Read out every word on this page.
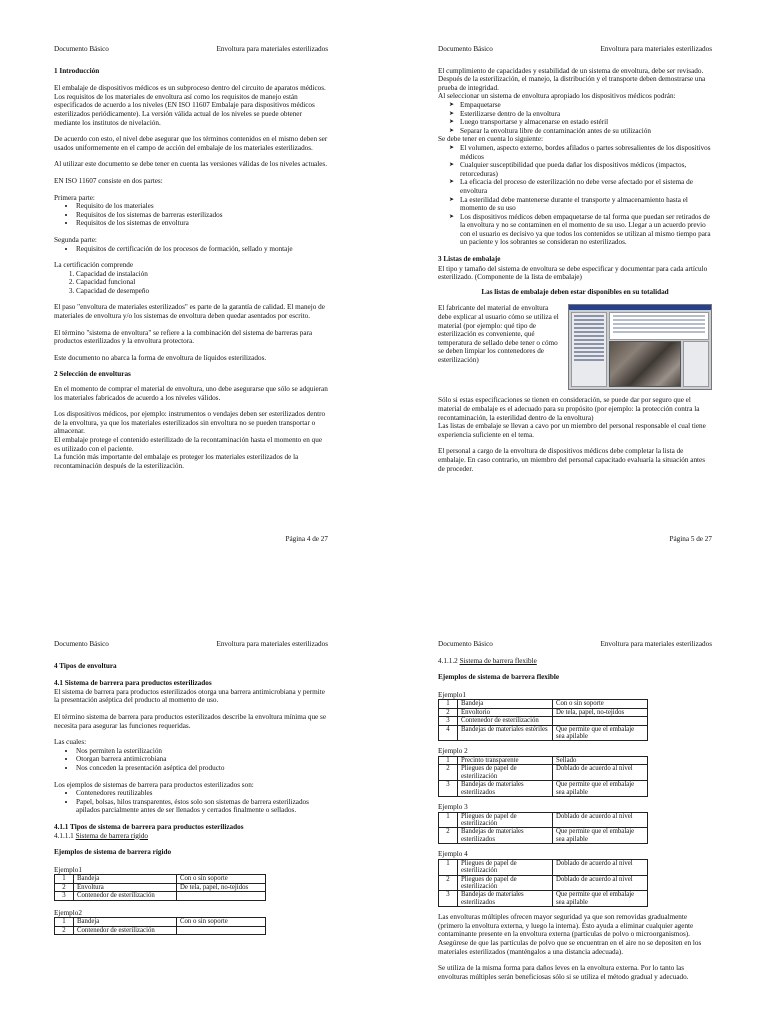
Documento Básico	Envoltura para materiales esterilizados
1 Introducción

El embalaje de dispositivos médicos es un subproceso dentro del circuito de aparatos médicos. Los requisitos de los materiales de envoltura así como los requisitos de manejo están especificados de acuerdo a los niveles (EN ISO 11607 Embalaje para dispositivos médicos esterilizados periódicamente). La versión válida actual de los niveles se puede obtener mediante los institutos de nivelación.

De acuerdo con esto, el nivel debe asegurar que los términos contenidos en el mismo deben ser usados uniformemente en el campo de acción del embalaje de los materiales esterilizados.

Al utilizar este documento se debe tener en cuenta las versiones válidas de los niveles actuales.

EN ISO 11607 consiste en dos partes:

Primera parte:

• Requisito de los materiales
• Requisitos de los sistemas de barreras esterilizados
• Requisitos de los sistemas de envoltura

Segunda parte:

• Requisitos de certificación de los procesos de formación, sellado y montaje

La certificación comprende

1. Capacidad de instalación
2. Capacidad funcional
3. Capacidad de desempeño

El paso "envoltura de materiales esterilizados" es parte de la garantía de calidad. El manejo de materiales de envoltura y/o los sistemas de envoltura deben quedar asentados por escrito.

El término "sistema de envoltura" se refiere a la combinación del sistema de barreras para productos esterilizados y la envoltura protectora.

Este documento no abarca la forma de envoltura de líquidos esterilizados.

2 Selección de envolturas

En el momento de comprar el material de envoltura, uno debe asegurarse que sólo se adquieran los materiales fabricados de acuerdo a los niveles válidos.

Los dispositivos médicos, por ejemplo: instrumentos o vendajes deben ser esterilizados dentro de la envoltura, ya que los materiales esterilizados sin envoltura no se pueden transportar o almacenar.

El embalaje protege el contenido esterilizado de la recontaminación hasta el momento en que es utilizado con el paciente.

La función más importante del embalaje es proteger los materiales esterilizados de la recontaminación después de la esterilización.

Página 4 de 27
Documento Básico	Envoltura para materiales esterilizados

El cumplimiento de capacidades y estabilidad de un sistema de envoltura, debe ser revisado. Después de la esterilización, el manejo, la distribución y el transporte deben demostrarse una prueba de integridad.

Al seleccionar un sistema de envoltura apropiado los dispositivos médicos podrán:

➤ Empaquetarse
➤ Esterilizarse dentro de la envoltura
➤ Luego transportarse y almacenarse en estado estéril
➤ Separar la envoltura libre de contaminación antes de su utilización

Se debe tener en cuenta lo siguiente:

➤ El volumen, aspecto externo, bordes afilados o partes sobresalientes de los dispositivos médicos
➤ Cualquier susceptibilidad que pueda dañar los dispositivos médicos (impactos, retorceduras)
➤ La eficacia del proceso de esterilización no debe verse afectado por el sistema de envoltura
➤ La esterilidad debe mantenerse durante el transporte y almacenamiento hasta el momento de su uso
➤ Los dispositivos médicos deben empaquetarse de tal forma que puedan ser retirados de la envoltura y no se contaminen en el momento de su uso. Llegar a un acuerdo previo con el usuario es decisivo ya que todos los contenidos se utilizan al mismo tiempo para un paciente y los sobrantes se consideran no esterilizados.
3 Listas de embalaje

El tipo y tamaño del sistema de envoltura se debe especificar y documentar para cada artículo esterilizado. (Componente de la lista de embalaje)

Las listas de embalaje deben estar disponibles en su totalidad
El fabricante del material de envoltura debe explicar al usuario cómo se utiliza el material (por ejemplo: qué tipo de esterilización es conveniente, qué temperatura de sellado debe tener o cómo se deben limpiar los contenedores de esterilización)

Sólo si estas especificaciones se tienen en consideración, se puede dar por seguro que el material de embalaje es el adecuado para su propósito (por ejemplo: la protección contra la recontaminación, la esterilidad dentro de la envoltura)

Las listas de embalaje se llevan a cavo por un miembro del personal responsable el cual tiene experiencia suficiente en el tema.

El personal a cargo de la envoltura de dispositivos médicos debe completar la lista de embalaje. En caso contrario, un miembro del personal capacitado evaluaría la situación antes de proceder.

Página 5 de 27
Documento Básico	Envoltura para materiales esterilizados
4 Tipos de envoltura
4.1 Sistema de barrera para productos esterilizados

El sistema de barrera para productos esterilizados otorga una barrera antimicrobiana y permite la presentación aséptica del producto al momento de uso.

El término sistema de barrera para productos esterilizados describe la envoltura mínima que se necesita para asegurar las funciones requeridas.

Las cuales:

• Nos permiten la esterilización
• Otorgan barrera antimicrobiana
• Nos conceden la presentación aséptica del producto

Los ejemplos de sistemas de barrera para productos esterilizados son:

• Contenedores reutilizables
• Papel, bolsas, hilos transparentes, éstos solo son sistemas de barrera esterilizados apilados parcialmente antes de ser llenados y cerrados finalmente o sellados.
4.1.1 Tipos de sistema de barrera para productos esterilizados
4.1.1.1 Sistema de barrera rígido
Ejemplos de sistema de barrera rígido
Ejemplo1
1	Bandeja	Con o sin soporte
2	Envoltura	De tela, papel, no-tejidos
3	Contenedor de esterilización	
Ejemplo2
1	Bandeja	Con o sin soporte
2	Contenedor de esterilización	
Documento Básico	Envoltura para materiales esterilizados
4.1.1.2 Sistema de barrera flexible
Ejemplos de sistema de barrera flexible
Ejemplo1
1	Bandeja	Con o sin soporte
2	Envoltorio	De tela, papel, no-tejidos
3	Contenedor de esterilización	
4	Bandejas de materiales estériles	Que permite que el embalaje sea apilable
Ejemplo 2
1	Precinto transparente	Sellado
2	Pliegues de papel de esterilización	Doblado de acuerdo al nivel
3	Bandejas de materiales esterilizados	Que permite que el embalaje sea apilable
Ejemplo 3
1	Pliegues de papel de esterilización	Doblado de acuerdo al nivel
2	Bandejas de materiales esterilizados	Que permite que el embalaje sea apilable
Ejemplo 4
1	Pliegues de papel de esterilización	Doblado de acuerdo al nivel
2	Pliegues de papel de esterilización	Doblado de acuerdo al nivel
3	Bandejas de materiales esterilizados	Que permite que el embalaje sea apilable

Las envolturas múltiples ofrecen mayor seguridad ya que son removidas gradualmente (primero la envoltura externa, y luego la interna). Ésto ayuda a eliminar cualquier agente contaminante presente en la envoltura externa (partículas de polvo o microorganismos). Asegúrese de que las partículas de polvo que se encuentran en el aire no se depositen en los materiales esterilizados (manténgalos a una distancia adecuada).

Se utiliza de la misma forma para daños leves en la envoltura externa. Por lo tanto las envolturas múltiples serán beneficiosas sólo si se utiliza el método gradual y adecuado.
